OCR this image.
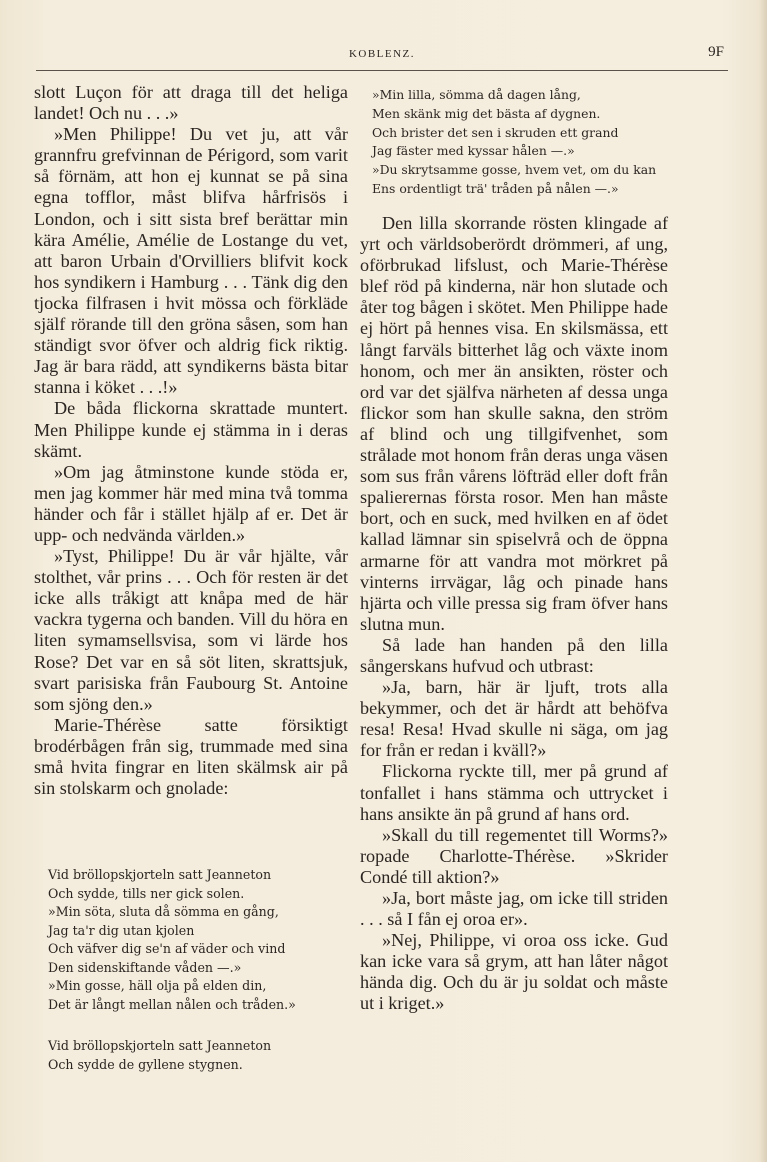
KOBLENZ.	9F

slott Luçon för att draga till det heliga landet! Och nu . . .»

»Men Philippe! Du vet ju, att vår grannfru grefvinnan de Périgord, som varit så förnäm, att hon ej kunnat se på sina egna tofflor, måst blifva hårfrisös i London, och i sitt sista bref berättar min kära Amélie, Amélie de Lostange du vet, att baron Urbain d'Orvilliers blifvit kock hos syndikern i Hamburg . . . Tänk dig den tjocka filfrasen i hvit mössa och förkläde själf rörande till den gröna såsen, som han ständigt svor öfver och aldrig fick riktig. Jag är bara rädd, att syndikerns bästa bitar stanna i köket . . .!»

De båda flickorna skrattade muntert. Men Philippe kunde ej stämma in i deras skämt.

»Om jag åtminstone kunde stöda er, men jag kommer här med mina två tomma händer och får i stället hjälp af er. Det är upp- och nedvända världen.»

»Tyst, Philippe! Du är vår hjälte, vår stolthet, vår prins . . . Och för resten är det icke alls tråkigt att knåpa med de här vackra tygerna och banden. Vill du höra en liten symamsellsvisa, som vi lärde hos Rose? Det var en så söt liten, skrattsjuk, svart parisiska från Faubourg St. Antoine som sjöng den.»

Marie-Thérèse satte försiktigt brodérbågen från sig, trummade med sina små hvita fingrar en liten skälmsk air på sin stolskarm och gnolade:

Vid bröllopskjorteln satt Jeanneton
Och sydde, tills ner gick solen.
»Min söta, sluta då sömma en gång,
Jag ta'r dig utan kjolen
Och väfver dig se'n af väder och vind
Den sidenskiftande våden —.»
»Min gosse, häll olja på elden din,
Det är långt mellan nålen och tråden.»
Vid bröllopskjorteln satt Jeanneton
Och sydde de gyllene stygnen.
»Min lilla, sömma då dagen lång,
Men skänk mig det bästa af dygnen.
Och brister det sen i skruden ett grand
Jag fäster med kyssar hålen —.»
»Du skrytsamme gosse, hvem vet, om du kan
Ens ordentligt trä' tråden på nålen —.»

Den lilla skorrande rösten klingade af yrt och världsoberördt drömmeri, af ung, oförbrukad lifslust, och Marie-Thérèse blef röd på kinderna, när hon slutade och åter tog bågen i skötet. Men Philippe hade ej hört på hennes visa. En skilsmässa, ett långt farväls bitterhet låg och växte inom honom, och mer än ansikten, röster och ord var det själfva närheten af dessa unga flickor som han skulle sakna, den ström af blind och ung tillgifvenhet, som strålade mot honom från deras unga väsen som sus från vårens löfträd eller doft från spalierernas första rosor. Men han måste bort, och en suck, med hvilken en af ödet kallad lämnar sin spiselvrå och de öppna armarne för att vandra mot mörkret på vinterns irrvägar, låg och pinade hans hjärta och ville pressa sig fram öfver hans slutna mun.

Så lade han handen på den lilla sångerskans hufvud och utbrast:

»Ja, barn, här är ljuft, trots alla bekymmer, och det är hårdt att behöfva resa! Resa! Hvad skulle ni säga, om jag for från er redan i kväll?»

Flickorna ryckte till, mer på grund af tonfallet i hans stämma och uttrycket i hans ansikte än på grund af hans ord.

»Skall du till regementet till Worms?» ropade Charlotte-Thérèse. »Skrider Condé till aktion?»

»Ja, bort måste jag, om icke till striden . . . så I fån ej oroa er».

»Nej, Philippe, vi oroa oss icke. Gud kan icke vara så grym, att han låter något hända dig. Och du är ju soldat och måste ut i kriget.»
